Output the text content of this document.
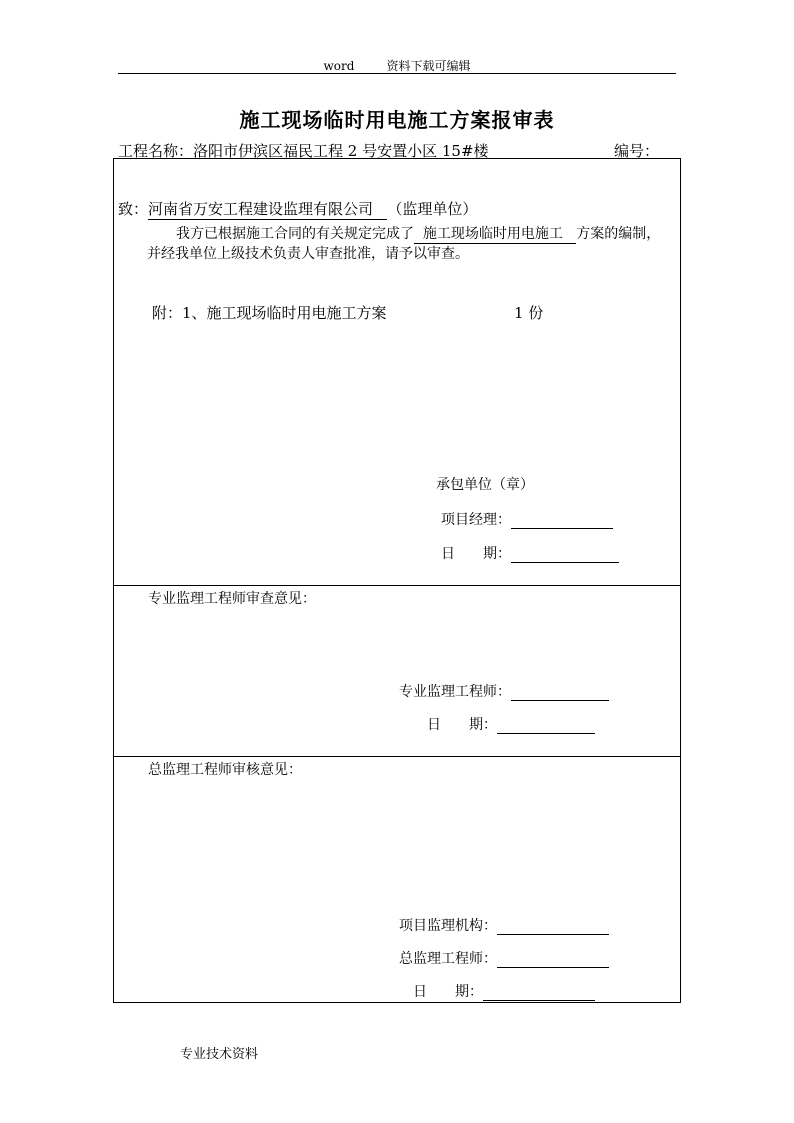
word	资料下载可编辑
施工现场临时用电施工方案报审表
工程名称：洛阳市伊滨区福民工程 2 号安置小区 15#楼	编号：
致：河南省万安工程建设监理有限公司 （监理单位）
我方已根据施工合同的有关规定完成了 施工现场临时用电施工 方案的编制，
并经我单位上级技术负责人审查批准，请予以审查。
附：1、施工现场临时用电施工方案	1 份
承包单位（章）
项目经理：
日　　期：
专业监理工程师审查意见：
专业监理工程师：
日　　期：
总监理工程师审核意见：
项目监理机构：
总监理工程师：
日　　期：
专业技术资料
